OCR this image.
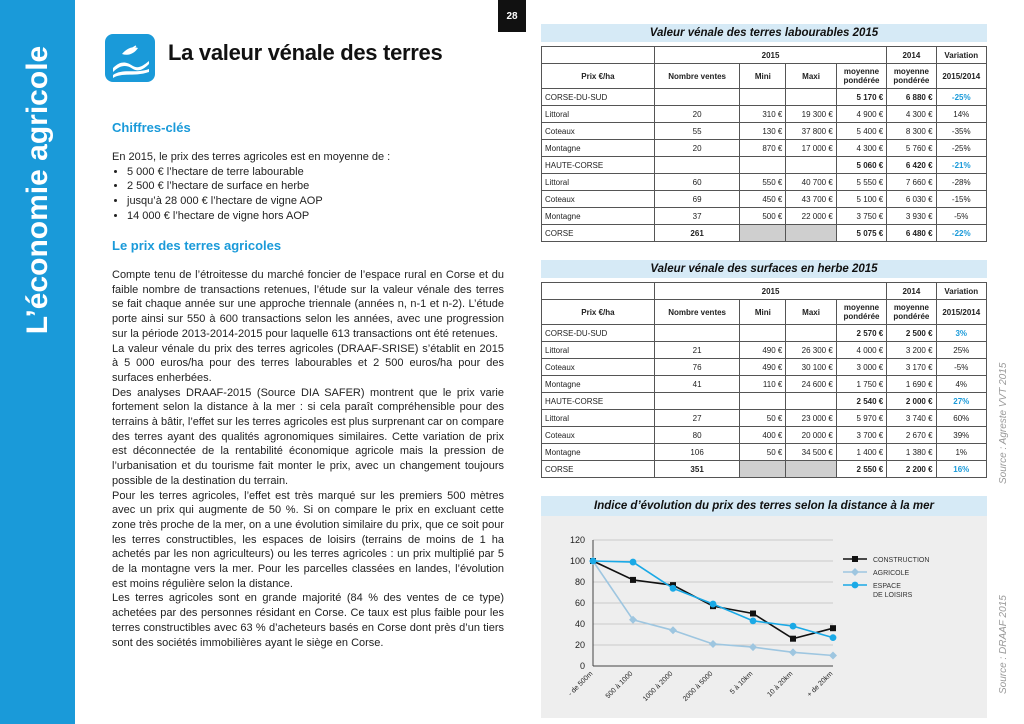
L’économie agricole
28
La valeur vénale des terres
Chiffres-clés

En 2015, le prix des terres agricoles est en moyenne de :

• 5 000 € l’hectare de terre labourable
• 2 500 € l’hectare de surface en herbe
• jusqu’à 28 000 € l’hectare de vigne AOP
• 14 000 € l’hectare de vigne hors AOP
Le prix des terres agricoles

Compte tenu de l’étroitesse du marché foncier de l’espace rural en Corse et du faible nombre de transactions retenues, l’étude sur la valeur vénale des terres se fait chaque année sur une approche triennale (années n, n-1 et n-2). L’étude porte ainsi sur 550 à 600 transactions selon les années, avec une progression sur la période 2013-2014-2015 pour laquelle 613 transactions ont été retenues.

La valeur vénale du prix des terres agricoles (DRAAF-SRISE) s’établit en 2015 à 5 000 euros/ha pour des terres labourables et 2 500 euros/ha pour des surfaces enherbées.

Des analyses DRAAF-2015 (Source DIA SAFER) montrent que le prix varie fortement selon la distance à la mer : si cela paraît compréhensible pour des terrains à bâtir, l’effet sur les terres agricoles est plus surprenant car on compare des terres ayant des qualités agronomiques similaires. Cette variation de prix est déconnectée de la rentabilité économique agricole mais la pression de l’urbanisation et du tourisme fait monter le prix, avec un changement toujours possible de la destination du terrain.

Pour les terres agricoles, l’effet est très marqué sur les premiers 500 mètres avec un prix qui augmente de 50 %. Si on compare le prix en excluant cette zone très proche de la mer, on a une évolution similaire du prix, que ce soit pour les terres constructibles, les espaces de loisirs (terrains de moins de 1 ha achetés par les non agriculteurs) ou les terres agricoles : un prix multiplié par 5 de la montagne vers la mer. Pour les parcelles classées en landes, l’évolution est moins régulière selon la distance.

Les terres agricoles sont en grande majorité (84 % des ventes de ce type) achetées par des personnes résidant en Corse. Ce taux est plus faible pour les terres constructibles avec 63 % d’acheteurs basés en Corse dont près d’un tiers sont des sociétés immobilières ayant le siège en Corse.

Valeur vénale des terres labourables 2015
	2015				2014	Variation
Prix €/ha	Nombre ventes	Mini	Maxi	moyenne pondérée	moyenne pondérée	2015/2014
CORSE-DU-SUD				5 170 €	6 880 €	-25%
Littoral	20	310 €	19 300 €	4 900 €	4 300 €	14%
Coteaux	55	130 €	37 800 €	5 400 €	8 300 €	-35%
Montagne	20	870 €	17 000 €	4 300 €	5 760 €	-25%
HAUTE-CORSE				5 060 €	6 420 €	-21%
Littoral	60	550 €	40 700 €	5 550 €	7 660 €	-28%
Coteaux	69	450 €	43 700 €	5 100 €	6 030 €	-15%
Montagne	37	500 €	22 000 €	3 750 €	3 930 €	-5%
CORSE	261			5 075 €	6 480 €	-22%
Valeur vénale des surfaces en herbe 2015
	2015				2014	Variation
Prix €/ha	Nombre ventes	Mini	Maxi	moyenne pondérée	moyenne pondérée	2015/2014
CORSE-DU-SUD				2 570 €	2 500 €	3%
Littoral	21	490 €	26 300 €	4 000 €	3 200 €	25%
Coteaux	76	490 €	30 100 €	3 000 €	3 170 €	-5%
Montagne	41	110 €	24 600 €	1 750 €	1 690 €	4%
HAUTE-CORSE				2 540 €	2 000 €	27%
Littoral	27	50 €	23 000 €	5 970 €	3 740 €	60%
Coteaux	80	400 €	20 000 €	3 700 €	2 670 €	39%
Montagne	106	50 €	34 500 €	1 400 €	1 380 €	1%
CORSE	351			2 550 €	2 200 €	16%	Source : Agreste VVT 2015
Source : DRAAF 2015
Indice d’évolution du prix des terres selon la distance à la mer
0
20
40
60
80
100
120
- de 500m 500 à 1000 1000 à 2000 2000 à 5000 5 à 10km 10 à 20km + de 20km
CONSTRUCTION
AGRICOLE
ESPACE
DE LOISIRS
